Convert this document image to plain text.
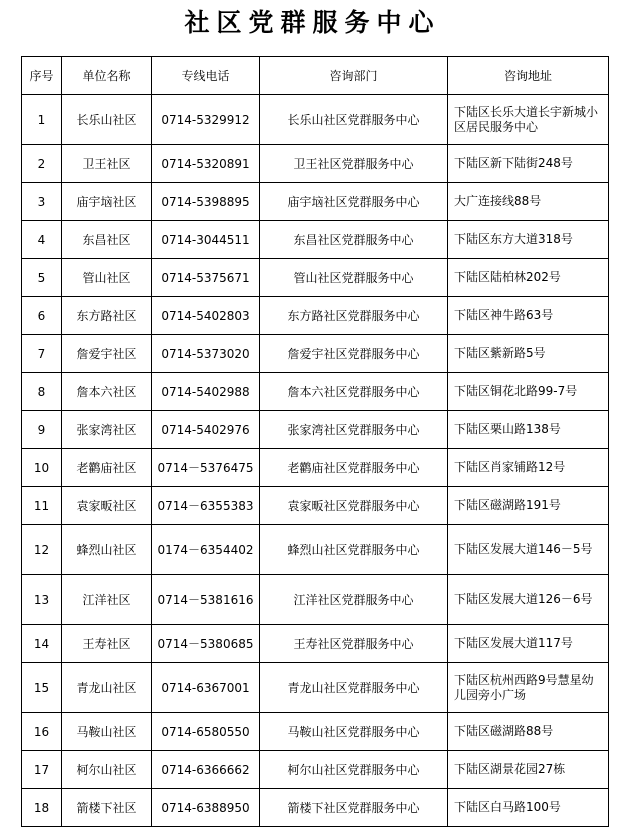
社区党群服务中心
序号	单位名称	专线电话	咨询部门	咨询地址
1	长乐山社区	0714-5329912	长乐山社区党群服务中心	下陆区长乐大道长宇新城小区居民服务中心
2	卫王社区	0714-5320891	卫王社区党群服务中心	下陆区新下陆街248号
3	庙宇垴社区	0714-5398895	庙宇垴社区党群服务中心	大广连接线88号
4	东昌社区	0714-3044511	东昌社区党群服务中心	下陆区东方大道318号
5	管山社区	0714-5375671	管山社区党群服务中心	下陆区陆柏林202号
6	东方路社区	0714-5402803	东方路社区党群服务中心	下陆区神牛路63号
7	詹爱宇社区	0714-5373020	詹爱宇社区党群服务中心	下陆区紫新路5号
8	詹本六社区	0714-5402988	詹本六社区党群服务中心	下陆区铜花北路99-7号
9	张家湾社区	0714-5402976	张家湾社区党群服务中心	下陆区栗山路138号
10	老鹳庙社区	0714－5376475	老鹳庙社区党群服务中心	下陆区肖家铺路12号
11	袁家畈社区	0714－6355383	袁家畈社区党群服务中心	下陆区磁湖路191号
12	蜂烈山社区	0174－6354402	蜂烈山社区党群服务中心	下陆区发展大道146－5号
13	江洋社区	0714－5381616	江洋社区党群服务中心	下陆区发展大道126－6号
14	王寿社区	0714－5380685	王寿社区党群服务中心	下陆区发展大道117号
15	青龙山社区	0714-6367001	青龙山社区党群服务中心	下陆区杭州西路9号慧星幼儿园旁小广场
16	马鞍山社区	0714-6580550	马鞍山社区党群服务中心	下陆区磁湖路88号
17	柯尔山社区	0714-6366662	柯尔山社区党群服务中心	下陆区湖景花园27栋
18	箭楼下社区	0714-6388950	箭楼下社区党群服务中心	下陆区白马路100号
